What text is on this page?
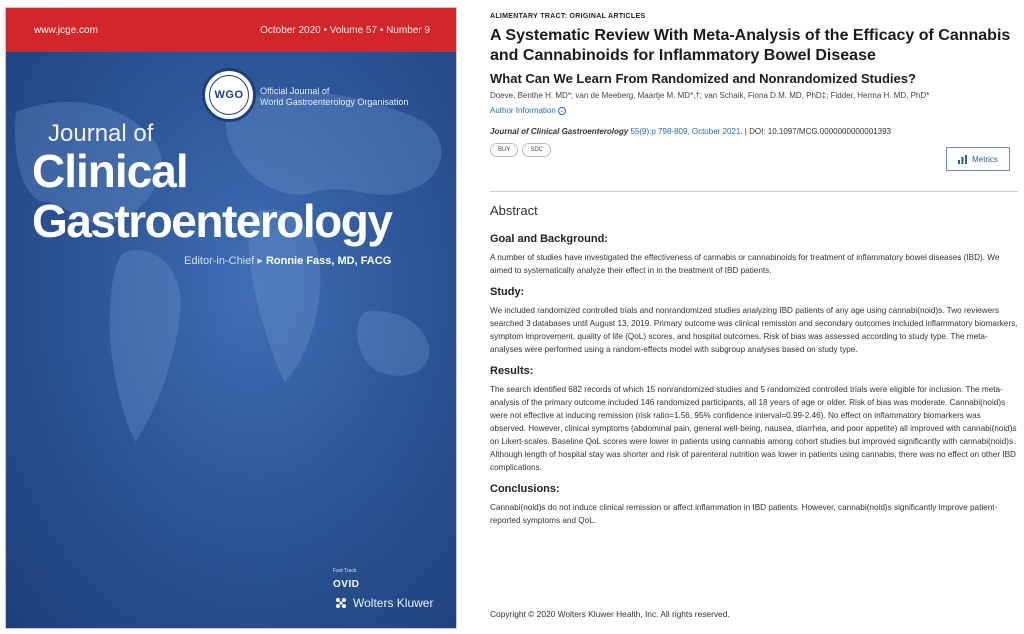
www.jcge.com	October 2020 • Volume 57 • Number 9
WGO	Official Journal of
World Gastroenterology Organisation
Journal of
Clinical
Gastroenterology
Editor-in-Chief ▸ Ronnie Fass, MD, FACG
Fast Track
OVID
Wolters Kluwer
ALIMENTARY TRACT: ORIGINAL ARTICLES
A Systematic Review With Meta-Analysis of the Efficacy of Cannabis and Cannabinoids for Inflammatory Bowel Disease
What Can We Learn From Randomized and Nonrandomized Studies?
Doeve, Benthe H. MD*; van de Meeberg, Maartje M. MD*,†; van Schaik, Fiona D.M. MD, PhD‡; Fidder, Herma H. MD, PhD*
Author Information ⌄
Journal of Clinical Gastroenterology 55(9):p 798-809, October 2021. | DOI: 10.1097/MCG.0000000000001393
BUY	SDC
Metrics
Abstract
Goal and Background:

A number of studies have investigated the effectiveness of cannabis or cannabinoids for treatment of inflammatory bowel diseases (IBD). We aimed to systematically analyze their effect in in the treatment of IBD patients.

Study:

We included randomized controlled trials and nonrandomized studies analyzing IBD patients of any age using cannabi(noid)s. Two reviewers searched 3 databases until August 13, 2019. Primary outcome was clinical remission and secondary outcomes included inflammatory biomarkers, symptom improvement, quality of life (QoL) scores, and hospital outcomes. Risk of bias was assessed according to study type. The meta-analyses were performed using a random-effects model with subgroup analyses based on study type.

Results:

The search identified 682 records of which 15 nonrandomized studies and 5 randomized controlled trials were eligible for inclusion. The meta-analysis of the primary outcome included 146 randomized participants, all 18 years of age or older. Risk of bias was moderate. Cannabi(noid)s were not effective at inducing remission (risk ratio=1.56, 95% confidence interval=0.99-2.46). No effect on inflammatory biomarkers was observed. However, clinical symptoms (abdominal pain, general well-being, nausea, diarrhea, and poor appetite) all improved with cannabi(noid)s on Likert-scales. Baseline QoL scores were lower in patients using cannabis among cohort studies but improved significantly with cannabi(noid)s. Although length of hospital stay was shorter and risk of parenteral nutrition was lower in patients using cannabis, there was no effect on other IBD complications.

Conclusions:

Cannabi(noid)s do not induce clinical remission or affect inflammation in IBD patients. However, cannabi(noid)s significantly improve patient-reported symptoms and QoL.

Copyright © 2020 Wolters Kluwer Health, Inc. All rights reserved.
